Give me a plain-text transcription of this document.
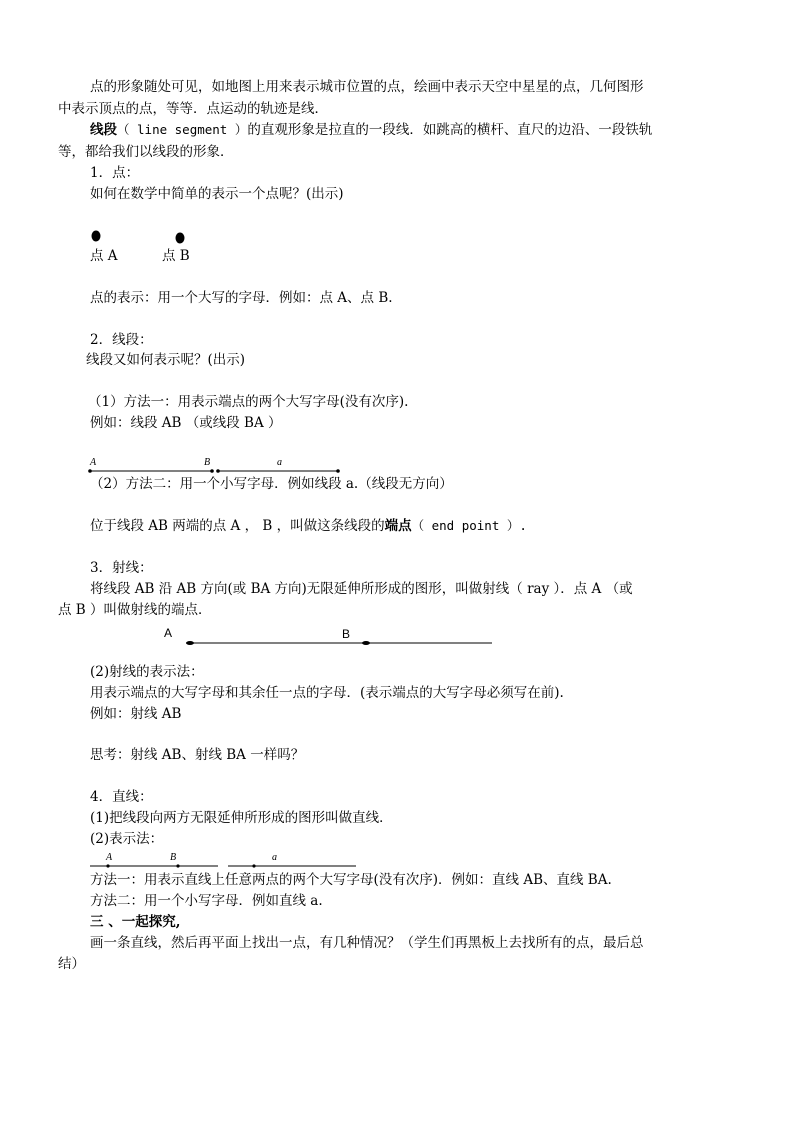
点的形象随处可见，如地图上用来表示城市位置的点，绘画中表示天空中星星的点，几何图形
中表示顶点的点，等等．点运动的轨迹是线．
线段（ line segment ）的直观形象是拉直的一段线．如跳高的横杆、直尺的边沿、一段铁轨
等，都给我们以线段的形象．
1．点：
如何在数学中简单的表示一个点呢？(出示)
点 A	点 B
点的表示：用一个大写的字母．例如：点 A、点 B.
2．线段：
线段又如何表示呢？(出示)
（1）方法一：用表示端点的两个大写字母(没有次序).
例如：线段 AB （或线段 BA ）
A	B	a
（2）方法二：用一个小写字母．例如线段 a.（线段无方向）
位于线段 AB 两端的点 A ， B ，叫做这条线段的端点（ end point ）.
3．射线：
将线段 AB 沿 AB 方向(或 BA 方向)无限延伸所形成的图形，叫做射线（ ray ）．点 A （或
点 B ）叫做射线的端点．
A	B
(2)射线的表示法：
用表示端点的大写字母和其余任一点的字母．(表示端点的大写字母必须写在前).
例如：射线 AB
思考：射线 AB、射线 BA 一样吗？
4．直线：
(1)把线段向两方无限延伸所形成的图形叫做直线．
(2)表示法：
A	B	a
方法一：用表示直线上任意两点的两个大写字母(没有次序)．例如：直线 AB、直线 BA.
方法二：用一个小写字母．例如直线 a.
三 、一起探究,
画一条直线，然后再平面上找出一点，有几种情况？（学生们再黑板上去找所有的点，最后总
结）
